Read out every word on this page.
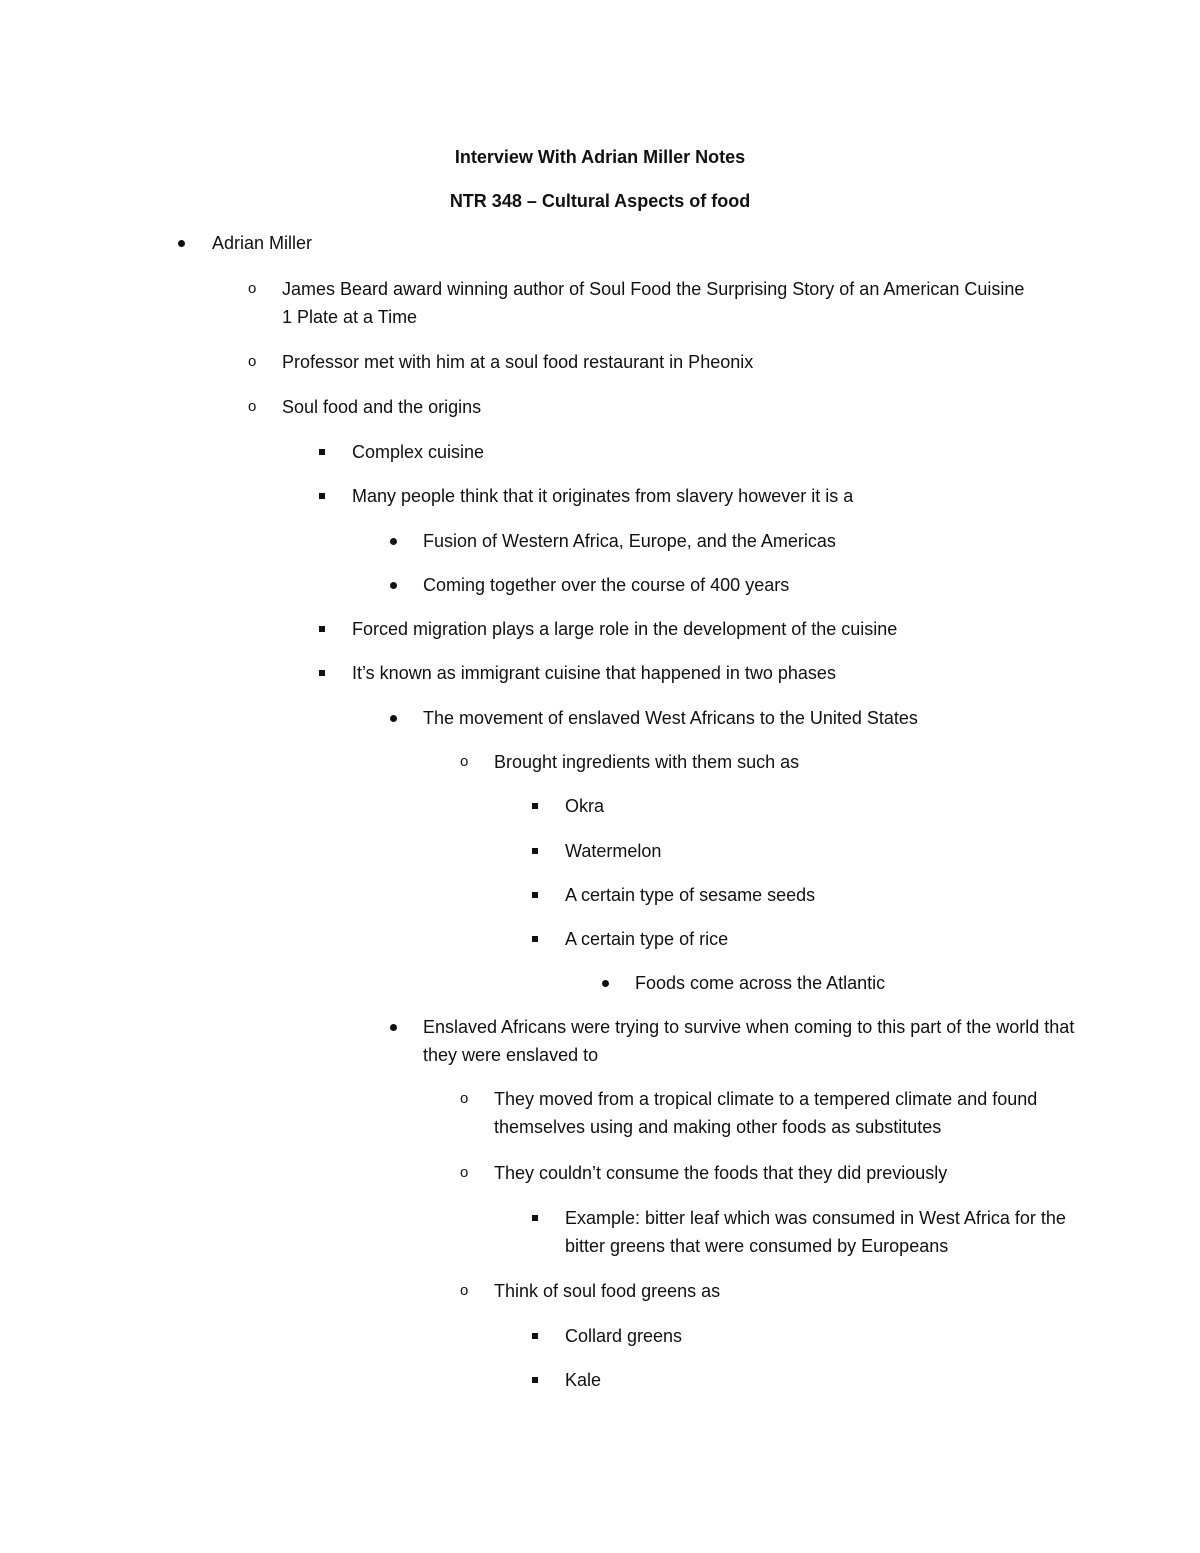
Interview With Adrian Miller Notes
NTR 348 – Cultural Aspects of food
Adrian Miller
o James Beard award winning author of Soul Food the Surprising Story of an American Cuisine 1 Plate at a Time
o Professor met with him at a soul food restaurant in Pheonix
o Soul food and the origins
Complex cuisine
Many people think that it originates from slavery however it is a
Fusion of Western Africa, Europe, and the Americas
Coming together over the course of 400 years
Forced migration plays a large role in the development of the cuisine
It’s known as immigrant cuisine that happened in two phases
The movement of enslaved West Africans to the United States
o Brought ingredients with them such as
Okra
Watermelon
A certain type of sesame seeds
A certain type of rice
Foods come across the Atlantic
Enslaved Africans were trying to survive when coming to this part of the world that they were enslaved to
o They moved from a tropical climate to a tempered climate and found themselves using and making other foods as substitutes
o They couldn’t consume the foods that they did previously
Example: bitter leaf which was consumed in West Africa for the bitter greens that were consumed by Europeans
o Think of soul food greens as
Collard greens
Kale
